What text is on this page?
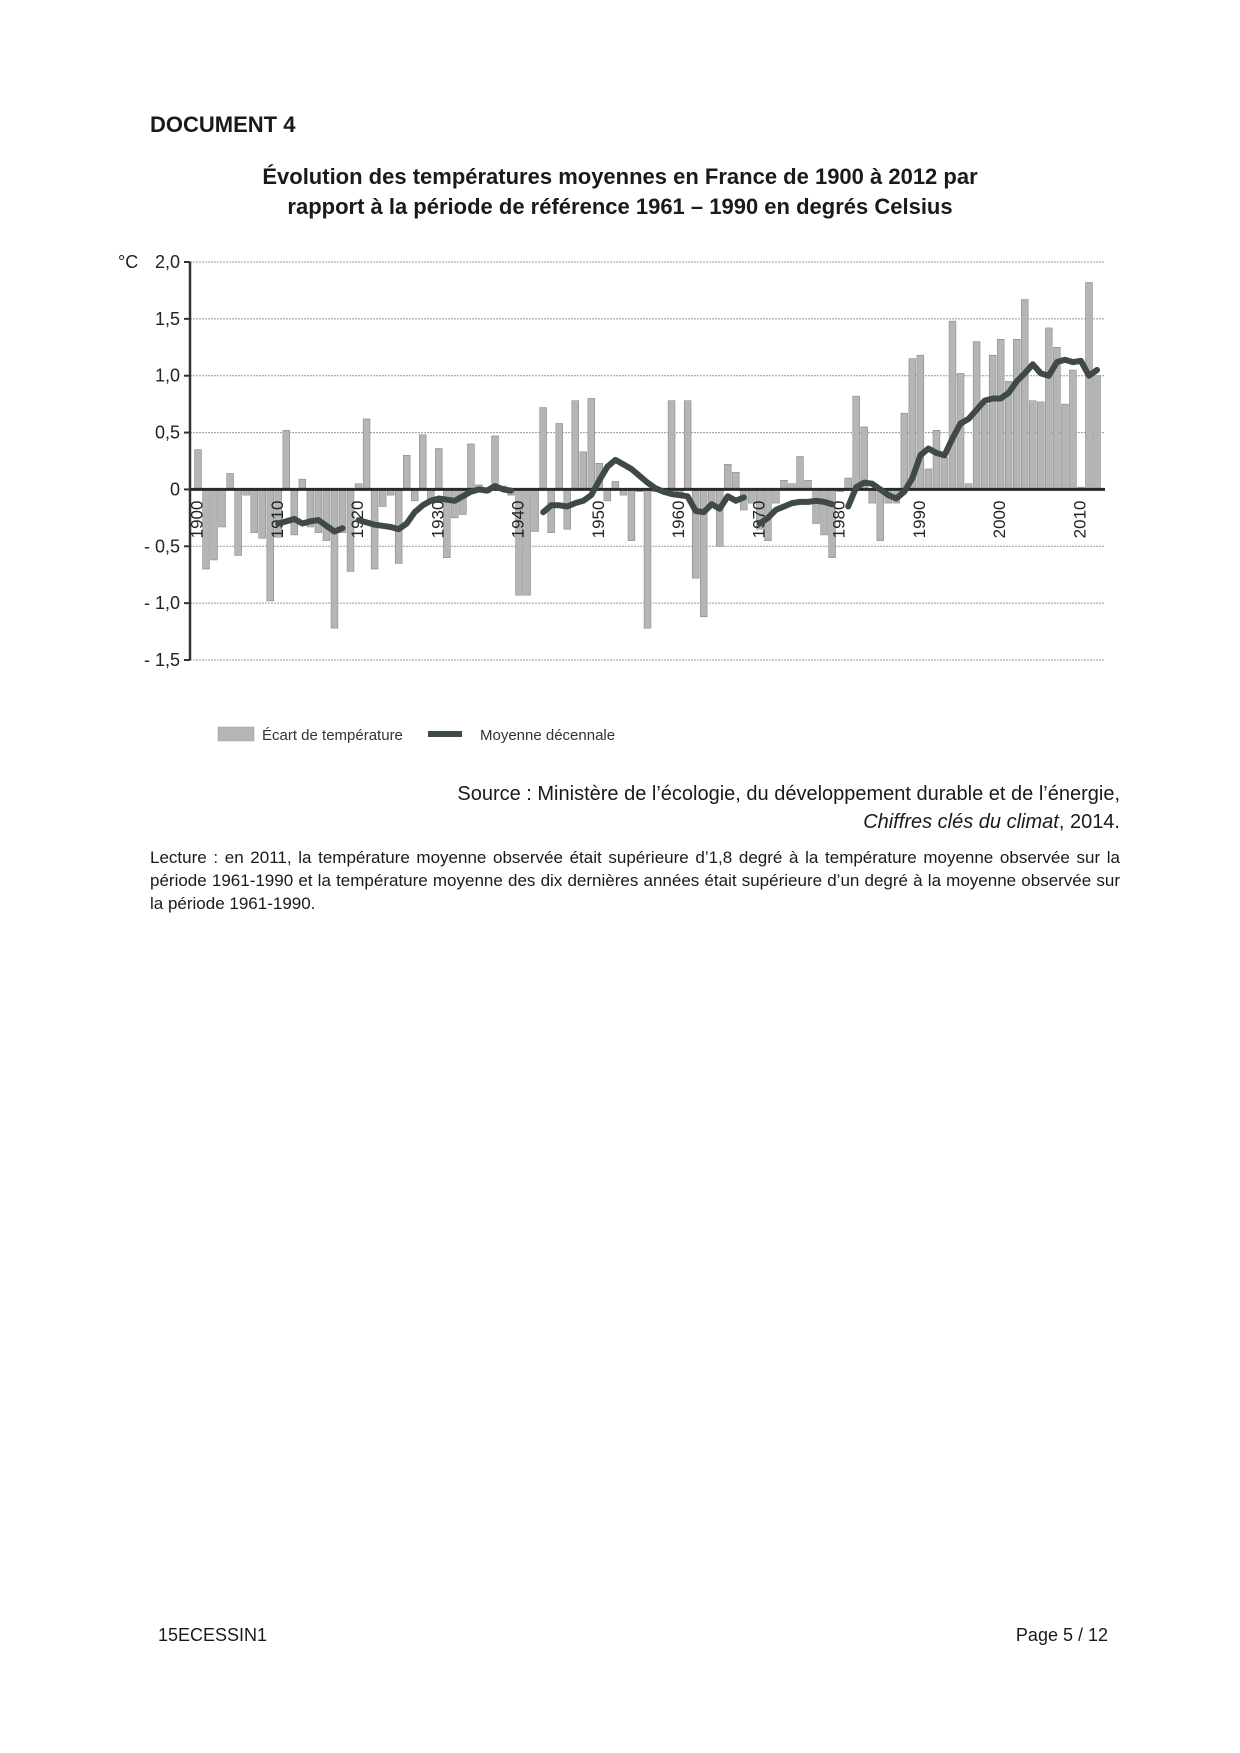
DOCUMENT 4
Évolution des températures moyennes en France de 1900 à 2012 par
rapport à la période de référence 1961 – 1990 en degrés Celsius
2,0
1,5
1,0
0,5
0
- 0,5
- 1,0
- 1,5
°C
1900	1910	1920	1930	1940	1950	1960	1970	1980	1990	2000	2010
Écart de température	Moyenne décennale
Source : Ministère de l’écologie, du développement durable et de l’énergie,
Chiffres clés du climat, 2014.
Lecture : en 2011, la température moyenne observée était supérieure d’1,8 degré à la température moyenne observée sur la période 1961-1990 et la température moyenne des dix dernières années était supérieure d’un degré à la moyenne observée sur la période 1961-1990.
15ECESSIN1	Page 5 / 12
